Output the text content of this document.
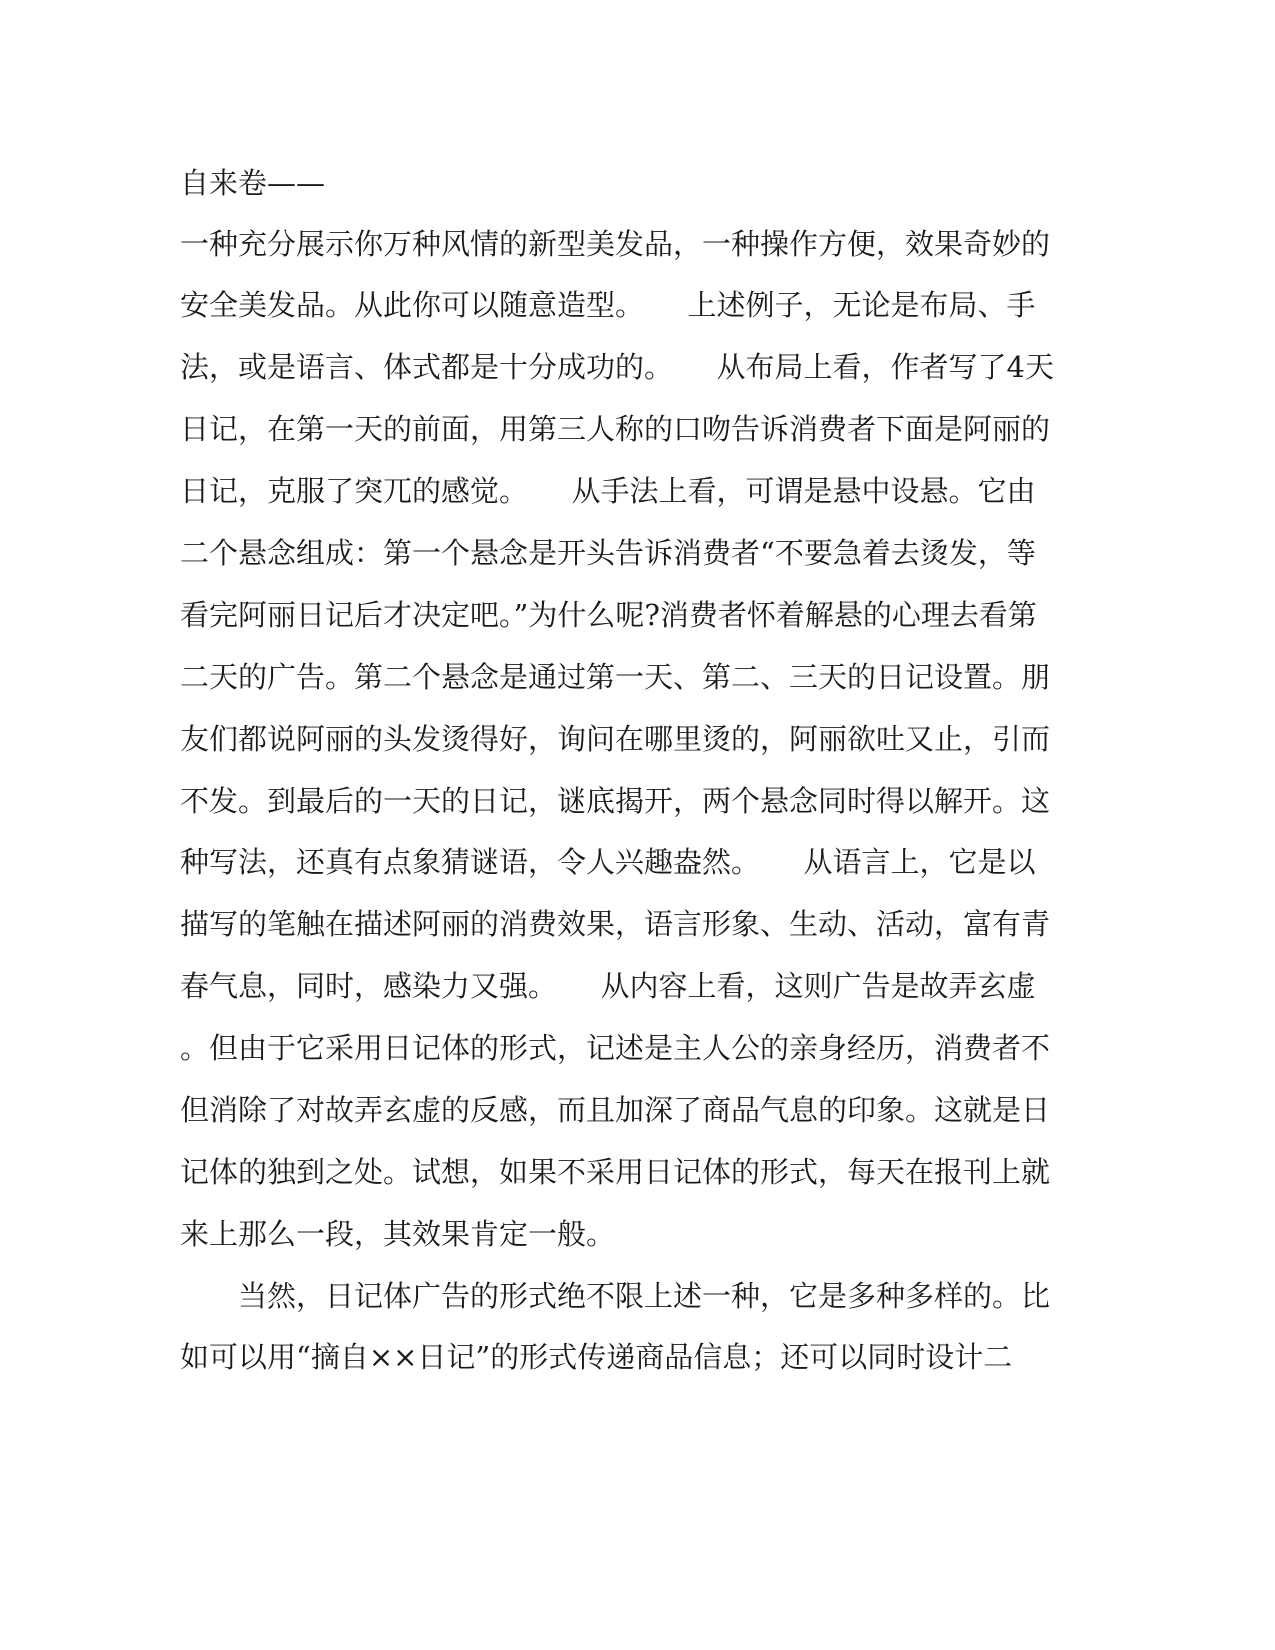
自来卷——
一种充分展示你万种风情的新型美发品，一种操作方便，效果奇妙的
安全美发品。从此你可以随意造型。　　上述例子，无论是布局、手
法，或是语言、体式都是十分成功的。　　从布局上看，作者写了4天
日记，在第一天的前面，用第三人称的口吻告诉消费者下面是阿丽的
日记，克服了突兀的感觉。　　从手法上看，可谓是悬中设悬。它由
二个悬念组成：第一个悬念是开头告诉消费者“不要急着去烫发，等
看完阿丽日记后才决定吧。”为什么呢?消费者怀着解悬的心理去看第
二天的广告。第二个悬念是通过第一天、第二、三天的日记设置。朋
友们都说阿丽的头发烫得好，询问在哪里烫的，阿丽欲吐又止，引而
不发。到最后的一天的日记，谜底揭开，两个悬念同时得以解开。这
种写法，还真有点象猜谜语，令人兴趣盎然。　　从语言上，它是以
描写的笔触在描述阿丽的消费效果，语言形象、生动、活动，富有青
春气息，同时，感染力又强。　　从内容上看，这则广告是故弄玄虚
。但由于它采用日记体的形式，记述是主人公的亲身经历，消费者不
但消除了对故弄玄虚的反感，而且加深了商品气息的印象。这就是日
记体的独到之处。试想，如果不采用日记体的形式，每天在报刊上就
来上那么一段，其效果肯定一般。
　　当然，日记体广告的形式绝不限上述一种，它是多种多样的。比
如可以用“摘自××日记”的形式传递商品信息；还可以同时设计二
